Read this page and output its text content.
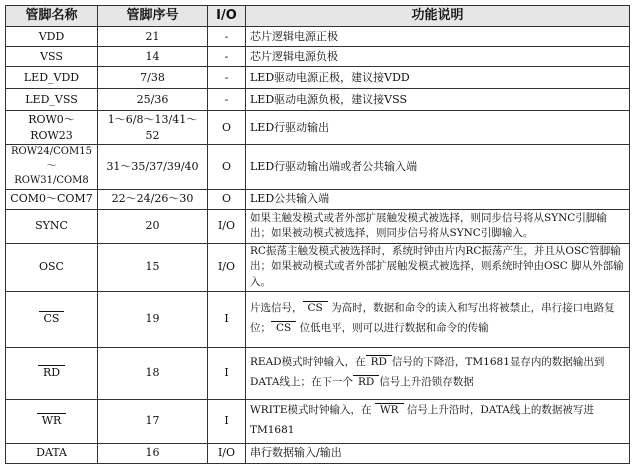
管脚名称	管脚序号	I/O	功能说明
VDD	21	-	芯片逻辑电源正极
VSS	14	-	芯片逻辑电源负极
LED_VDD	7/38	-	LED驱动电源正极，建议接VDD
LED_VSS	25/36	-	LED驱动电源负极，建议接VSS
ROW0～ROW23	1～6/8～13/41～52	O	LED行驱动输出
ROW24/COM15～ROW31/COM8	31～35/37/39/40	O	LED行驱动输出端或者公共输入端
COM0～COM7	22～24/26～30	O	LED公共输入端
SYNC	20	I/O	如果主触发模式或者外部扩展触发模式被选择，则同步信号将从SYNC引脚输出；如果被动模式被选择，则同步信号将从SYNC引脚输入。
OSC	15	I/O	RC振荡主触发模式被选择时，系统时钟由片内RC振荡产生，并且从OSC管脚输出；如果被动模式或者外部扩展触发模式被选择，则系统时钟由OSC 脚从外部输入。
CS	19	I	片选信号， CS 为高时，数据和命令的读入和写出将被禁止，串行接口电路复位； CS 位低电平，则可以进行数据和命令的传输
RD	18	I	READ模式时钟输入，在 RD 信号的下降沿，TM1681显存内的数据输出到DATA线上；在下一个 RD 信号上升沿锁存数据
WR	17	I	WRITE模式时钟输入，在 WR 信号上升沿时，DATA线上的数据被写进TM1681
DATA	16	I/O	串行数据输入/输出
